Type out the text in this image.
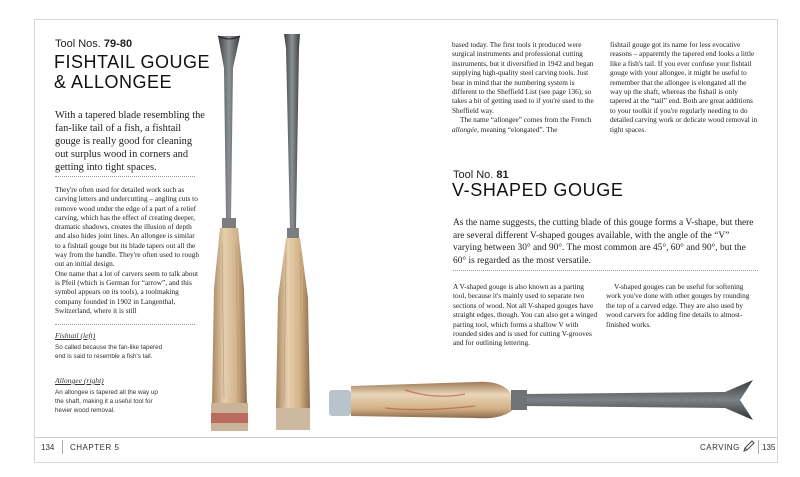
Tool Nos. 79-80
FISHTAIL GOUGE
& ALLONGEE
With a tapered blade resembling the fan-like tail of a fish, a fishtail gouge is really good for cleaning out surplus wood in corners and getting into tight spaces.
They're often used for detailed work such as carving letters and undercutting – angling cuts to remove wood under the edge of a part of a relief carving, which has the effect of creating deeper, dramatic shadows, creates the illusion of depth and also hides joint lines. An allongee is similar to a fishtail gouge but its blade tapers out all the way from the handle. They're often used to rough out an initial design.
One name that a lot of carvers seem to talk about is Pfeil (which is German for “arrow”, and this symbol appears on its tools), a toolmaking company founded in 1902 in Langenthal, Switzerland, where it is still
Fishtail (left)
So called because the fan-like tapered end is said to resemble a fish's tail.
Allongee (right)
An allongee is tapered all the way up the shaft, making it a useful tool for hevier wood removal.
based today. The first tools it produced were surgical instruments and professional cutting instruments, but it diversified in 1942 and began supplying high-quality steel carving tools. Just bear in mind that the numbering system is different to the Sheffield List (see page 136), so takes a bit of getting used to if you're used to the Sheffield way.
The name “allongee” comes from the French allongée, meaning “elongated”. The
fishtail gouge got its name for less evocative reasons – apparently the tapered end looks a little like a fish's tail. If you ever confuse your fishtail gouge with your allongee, it might be useful to remember that the allongee is elongated all the way up the shaft, whereas the fishail is only tapered at the “tail” end. Both are great additions to your toolkit if you're regularly needing to do detailed carving work or delicate wood removal in tight spaces.
Tool No. 81
V-SHAPED GOUGE
As the name suggests, the cutting blade of this gouge forms a V-shape, but there are several different V-shaped gouges available, with the angle of the “V” varying between 30° and 90°. The most common are 45°, 60° and 90°, but the 60° is regarded as the most versatile.
A V-shaped gouge is also known as a parting tool, because it's mainly used to separate two sections of wood. Not all V-shaped gouges have straight edges, though. You can also get a winged parting tool, which forms a shallow V with rounded sides and is used for cutting V-grooves and for outlining lettering.
V-shaped gouges can be useful for softening work you've done with other gouges by rounding the top of a carved edge. They are also used by wood carvers for adding fine details to almost-finished works.
134 CHAPTER 5	CARVING	135
